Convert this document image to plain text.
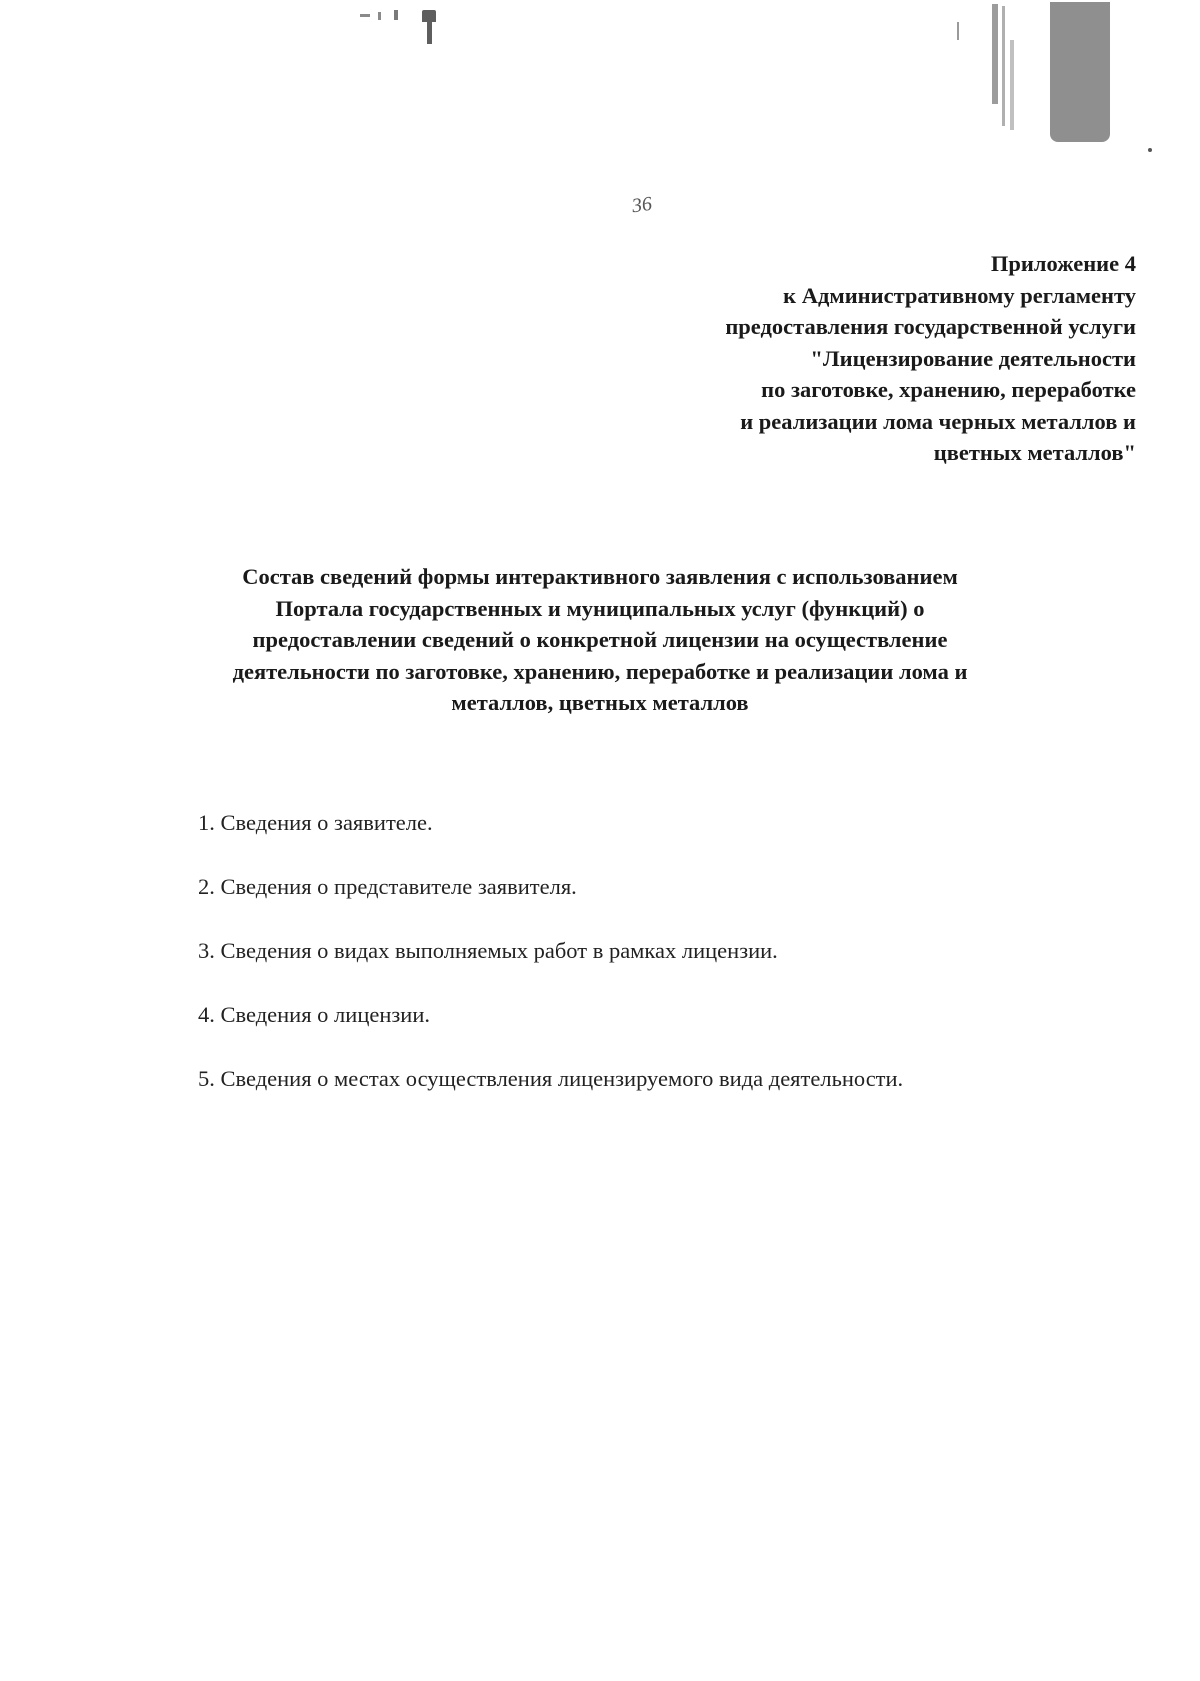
36
Приложение 4
к Административному регламенту
предоставления государственной услуги
"Лицензирование деятельности
по заготовке, хранению, переработке
и реализации лома черных металлов и
цветных металлов"
Состав сведений формы интерактивного заявления с использованием
Портала государственных и муниципальных услуг (функций) о
предоставлении сведений о конкретной лицензии на осуществление
деятельности по заготовке, хранению, переработке и реализации лома и
металлов, цветных металлов
1. Сведения о заявителе.
2. Сведения о представителе заявителя.
3. Сведения о видах выполняемых работ в рамках лицензии.
4. Сведения о лицензии.
5. Сведения о местах осуществления лицензируемого вида деятельности.
